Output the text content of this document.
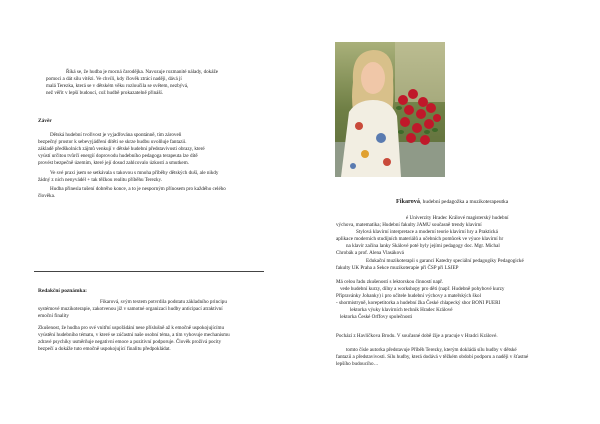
Říká se, že hudba je mocná čarodějka. Navozuje rozmanité nálady, dokáže

pomoci a dát sílu vítězi. Ve chvíli, kdy člověk ztrácí naději, dává jí

malá Terezka, která se v dětském věku rozloučila se světem, nezbývá,

než věřit v lepší budoucí, což hudbě prokazatelně přináší.

Závěr

Dětská hudební tvořivost je vyjadřována spontánně, tím zároveň

bezpečný prostor k sebevyjádření dítěti se skrze hudbu uvolňuje fantazii.

základě předškolních zájmů venkují v dětské hudební představivosti obrazy, které

vyústí určitou tvůrčí energií doprovodu hudebního pedagoga terapeuta lze dítě

provést bezpečně územím, které její dosud zahlcovalo úzkostí a smutkem.

Ve své praxi jsem se setkávala s takovou s mnoha příběhy dětských duší, ale nikdy

žádný z nich nenyvádél + tak těžkou realitu příběhu Terezky.

Hudba přinesla tušení dobrého konce, a to je nesporným přínosem pro každého celého

člověka.

Redakční poznámka:

Fikarová, svým textem potvrdila podstatu základního principu

systémové muzikoterapie, zakotvenou již v samotné organizaci hudby anticipací atraktivní

emoční finality

Zkušenost, že hudba pro své vnitřní uspořádání nese příslušně až k emočně uspokojujícímu

vyústění hudebního tématu, v které se zúčastní naše osobní téma, a tím vyhovuje mechanismu

zdravé psychiky usměrňuje negativní emoce a pozitivní podporuje. Člověk prožívá pocity

bezpečí a dokáže tuto emočně uspokojující finalitu předpokládat.

Fikarová, hudební pedagožka a muzikoterapeutka

é Univerzity Hradec Králové magisterský hudební

výchova, matematika; Hudební fakulty JAMU současně trendy klavírní

Stylová klavírní interpretace a moderní teorie klavírní hry a Praktická

aplikace moderních studijních materiálů a učebních pomůcek ve výuce klavírní hr

na klavír začína lanky Skálové poté byly jejími pedagogy doc. Mgr. Michal

Chrobák a prof. Alena Vlasáková

Edukační muzikoterapii s garancí Katedry speciální pedagogiky Pedagogické

fakulty UK Praha a Sekce muzikoterapie při ČSP při LSJEP

Má celou řadu zkušeností s lektorskou činností např.

vede hudební kurzy, dílny a workshopy pro děti (např. Hudebně pohybové kurzy

Přípravánky Johanky) i pro učitele hudební výchovy a mateřských škol

- shormistryně, korepetitorka a hudební žka České chlapecký sbor BONI PUERI

lektorka výuky klavírních technik Hradec Králové

lektorka České Orffovy společnosti

Pochází z Havlíčkova Brodu. V současné době žije a pracuje v Hradci Králové.

tomto čísle autorka představuje Příběh Terezky, kterým dokládá sílu hudby v dětské

fantazii a představivosti. Sílu hudby, která dodává v těžkém období podporu a naději v šťastné

lepšího budoucího…
